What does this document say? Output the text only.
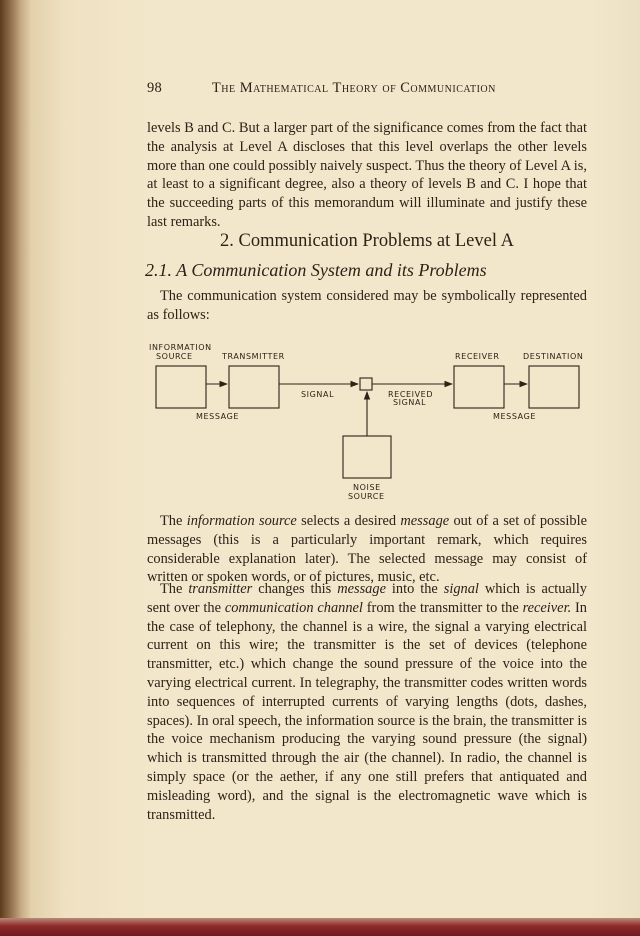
98	The Mathematical Theory of Communication
levels B and C. But a larger part of the significance comes from the fact that the analysis at Level A discloses that this level overlaps the other levels more than one could possibly naively suspect. Thus the theory of Level A is, at least to a significant degree, also a theory of levels B and C. I hope that the succeeding parts of this memorandum will illuminate and justify these last remarks.
2. Communication Problems at Level A
2.1. A Communication System and its Problems
The communication system considered may be symbolically represented as follows:
INFORMATION
SOURCE	TRANSMITTER	RECEIVER	DESTINATION
SIGNAL	RECEIVED
SIGNAL
MESSAGE	MESSAGE
NOISE
SOURCE
The information source selects a desired message out of a set of possible messages (this is a particularly important remark, which requires considerable explanation later). The selected message may consist of written or spoken words, or of pictures, music, etc.
The transmitter changes this message into the signal which is actually sent over the communication channel from the transmitter to the receiver. In the case of telephony, the channel is a wire, the signal a varying electrical current on this wire; the transmitter is the set of devices (telephone transmitter, etc.) which change the sound pressure of the voice into the varying electrical current. In telegraphy, the transmitter codes written words into sequences of interrupted currents of varying lengths (dots, dashes, spaces). In oral speech, the information source is the brain, the transmitter is the voice mechanism producing the varying sound pressure (the signal) which is transmitted through the air (the channel). In radio, the channel is simply space (or the aether, if any one still prefers that antiquated and misleading word), and the signal is the electromagnetic wave which is transmitted.
